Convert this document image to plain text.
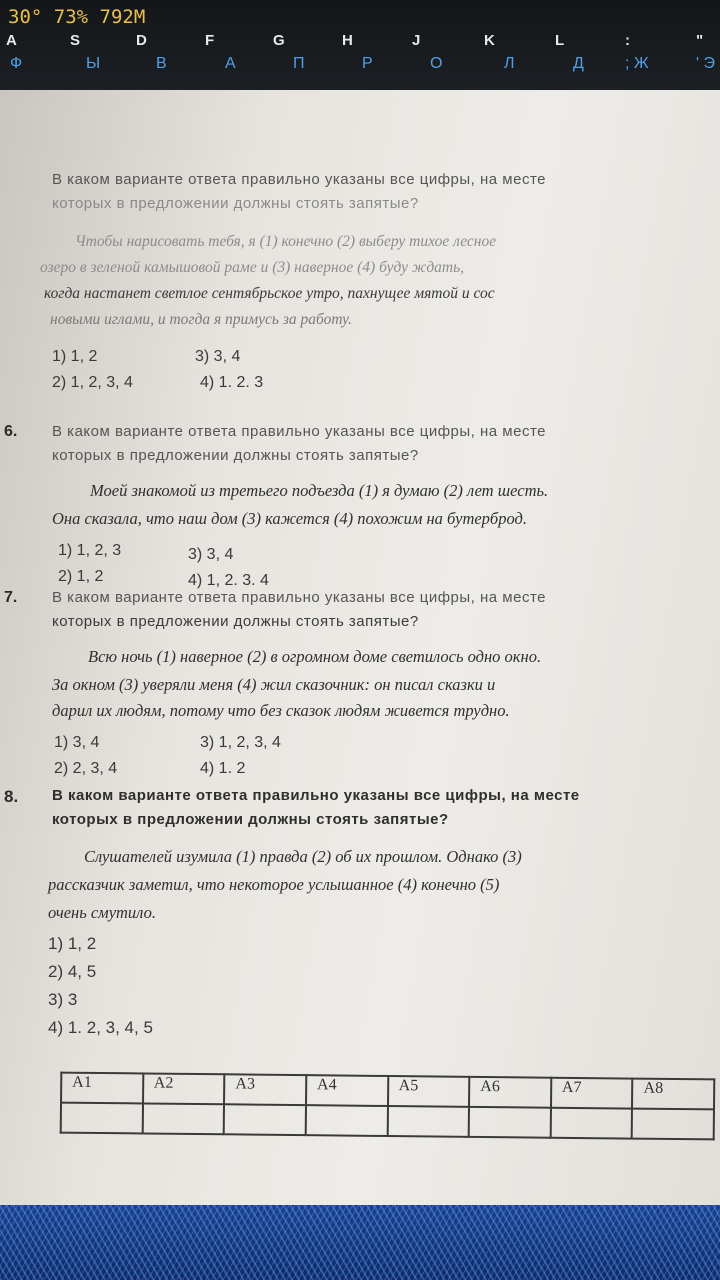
A
Ф
S
Ы
D
В
F
А
G
П
H
Р
J
О
K
Л
L
Д
:
; Ж
"
' Э
30° 73% 792M
В каком варианте ответа правильно указаны все цифры, на месте
которых в предложении должны стоять запятые?
Чтобы нарисовать тебя, я (1) конечно (2) выберу тихое лесное
озеро в зеленой камышовой раме и (3) наверное (4) буду ждать,
когда настанет светлое сентябрьское утро, пахнущее мятой и сос
новыми иглами, и тогда я примусь за работу.
1) 1, 2
2) 1, 2, 3, 4
3) 3, 4
4) 1. 2. 3
6. В каком варианте ответа правильно указаны все цифры, на месте
которых в предложении должны стоять запятые?
Моей знакомой из третьего подъезда (1) я думаю (2) лет шесть.
Она сказала, что наш дом (3) кажется (4) похожим на бутерброд.
1) 1, 2, 3
2) 1, 2
3) 3, 4
4) 1, 2. 3. 4
7. В каком варианте ответа правильно указаны все цифры, на месте
которых в предложении должны стоять запятые?
Всю ночь (1) наверное (2) в огромном доме светилось одно окно.
За окном (3) уверяли меня (4) жил сказочник: он писал сказки и
дарил их людям, потому что без сказок людям живется трудно.
1) 3, 4
2) 2, 3, 4
3) 1, 2, 3, 4
4) 1. 2
8. В каком варианте ответа правильно указаны все цифры, на месте
которых в предложении должны стоять запятые?
Слушателей изумила (1) правда (2) об их прошлом. Однако (3)
рассказчик заметил, что некоторое услышанное (4) конечно (5)
очень смутило.
1) 1, 2
2) 4, 5
3) 3
4) 1. 2, 3, 4, 5
A1	A2	A3	A4	A5	A6	A7	A8
